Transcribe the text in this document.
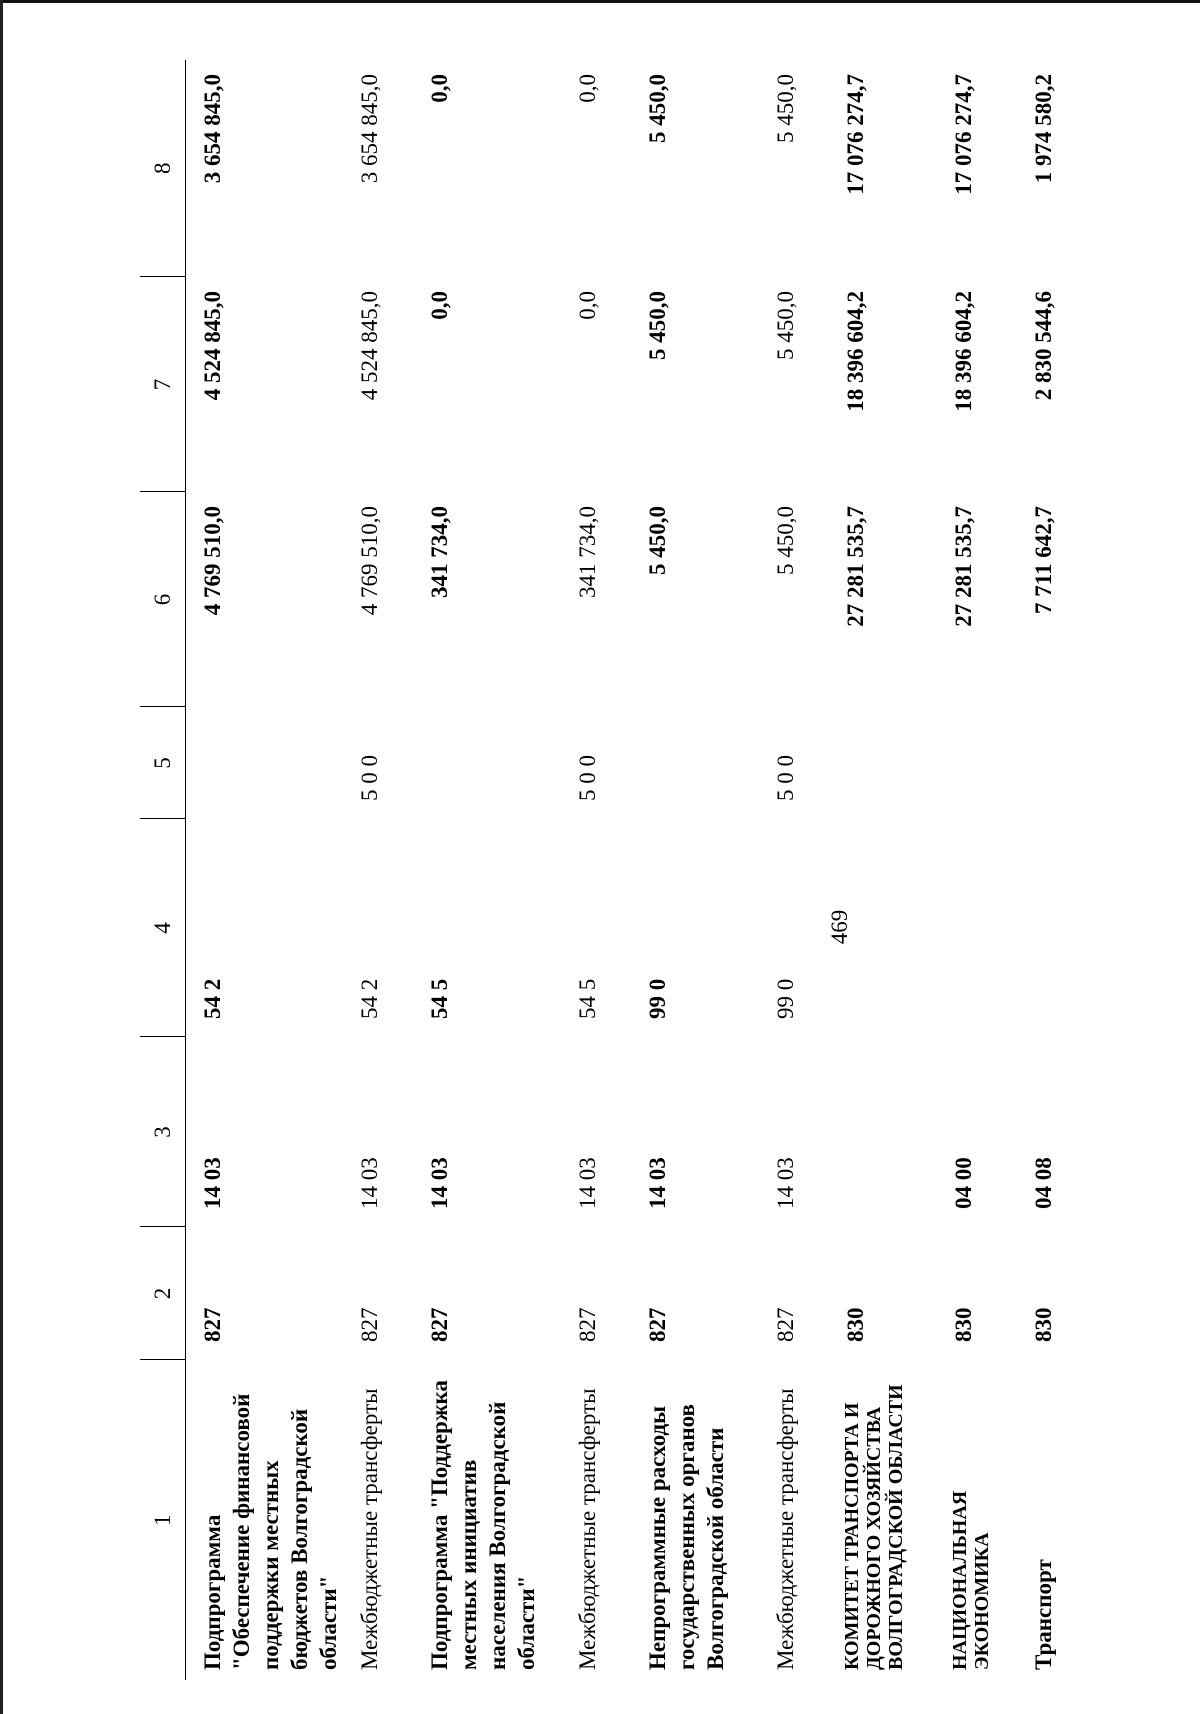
469
1	2	3	4	5	6	7	8
Подпрограмма "Обеспечение финансовой поддержки местных бюджетов Волгоградской области"	827	14 03	54 2		4 769 510,0	4 524 845,0	3 654 845,0
Межбюджетные трансферты	827	14 03	54 2	5 0 0	4 769 510,0	4 524 845,0	3 654 845,0
Подпрограмма "Поддержка местных инициатив населения Волгоградской области"	827	14 03	54 5		341 734,0	0,0	0,0
Межбюджетные трансферты	827	14 03	54 5	5 0 0	341 734,0	0,0	0,0
Непрограммные расходы государственных органов Волгоградской области	827	14 03	99 0		5 450,0	5 450,0	5 450,0
Межбюджетные трансферты	827	14 03	99 0	5 0 0	5 450,0	5 450,0	5 450,0
КОМИТЕТ ТРАНСПОРТА И ДОРОЖНОГО ХОЗЯЙСТВА ВОЛГОГРАДСКОЙ ОБЛАСТИ	830				27 281 535,7	18 396 604,2	17 076 274,7
НАЦИОНАЛЬНАЯ ЭКОНОМИКА	830	04 00			27 281 535,7	18 396 604,2	17 076 274,7
Транспорт	830	04 08			7 711 642,7	2 830 544,6	1 974 580,2
